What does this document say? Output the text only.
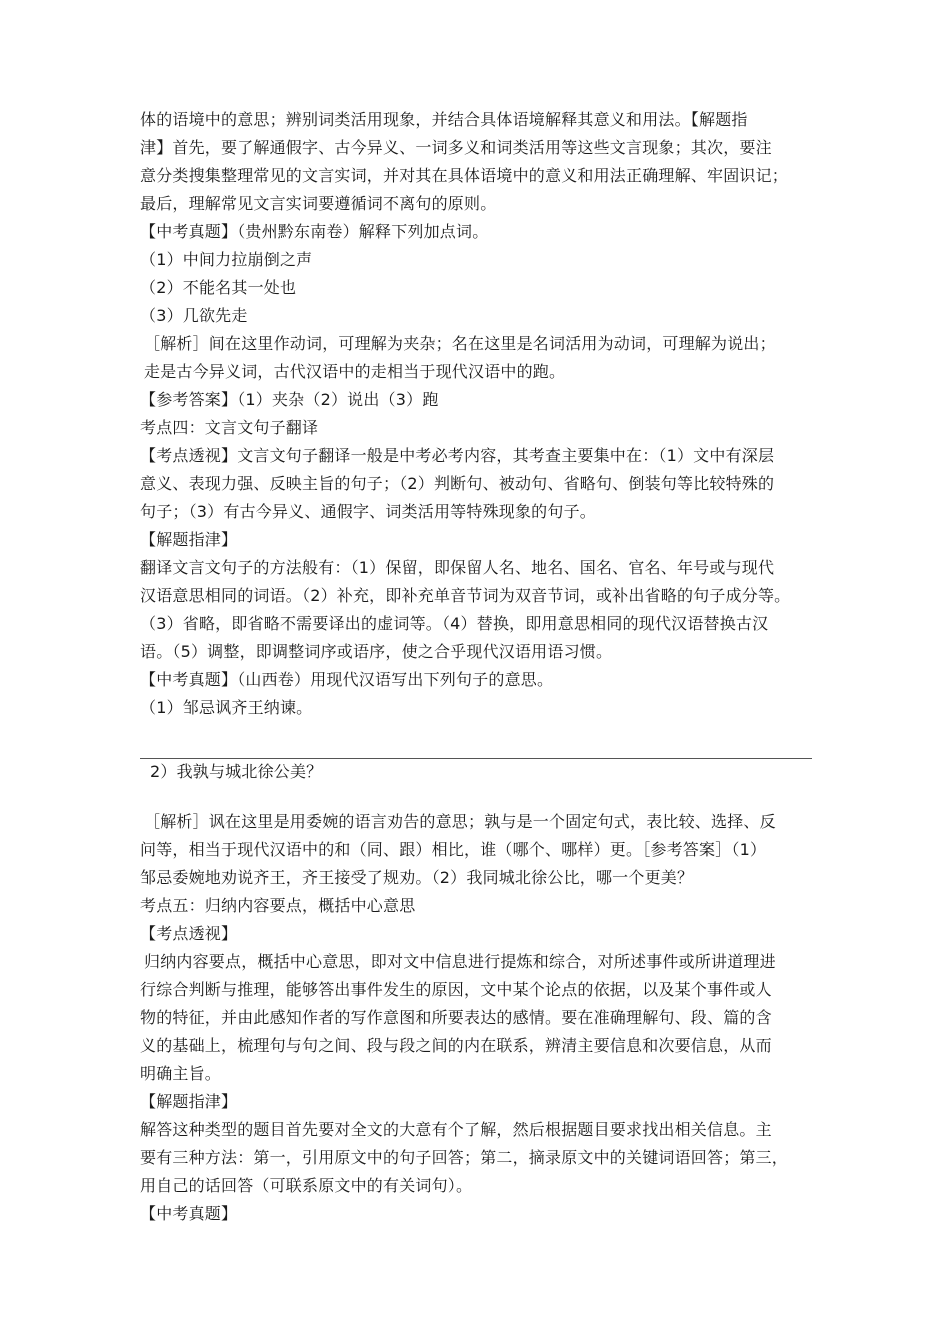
体的语境中的意思；辨别词类活用现象，并结合具体语境解释其意义和用法。【解题指
津】首先，要了解通假字、古今异义、一词多义和词类活用等这些文言现象；其次，要注
意分类搜集整理常见的文言实词，并对其在具体语境中的意义和用法正确理解、牢固识记；
最后，理解常见文言实词要遵循词不离句的原则。
【中考真题】（贵州黔东南卷）解释下列加点词。
（1）中间力拉崩倒之声
（2）不能名其一处也
（3）几欲先走
［解析］间在这里作动词，可理解为夹杂；名在这里是名词活用为动词，可理解为说出；
走是古今异义词，古代汉语中的走相当于现代汉语中的跑。
【参考答案】（1）夹杂（2）说出（3）跑
考点四：文言文句子翻译
【考点透视】文言文句子翻译一般是中考必考内容，其考查主要集中在：（1）文中有深层
意义、表现力强、反映主旨的句子；（2）判断句、被动句、省略句、倒装句等比较特殊的
句子；（3）有古今异义、通假字、词类活用等特殊现象的句子。
【解题指津】
翻译文言文句子的方法般有：（1）保留，即保留人名、地名、国名、官名、年号或与现代
汉语意思相同的词语。（2）补充，即补充单音节词为双音节词，或补出省略的句子成分等。
（3）省略，即省略不需要译出的虚词等。（4）替换，即用意思相同的现代汉语替换古汉
语。（5）调整，即调整词序或语序，使之合乎现代汉语用语习惯。
【中考真题】（山西卷）用现代汉语写出下列句子的意思。
（1）邹忌讽齐王纳谏。
2）我孰与城北徐公美？
［解析］讽在这里是用委婉的语言劝告的意思；孰与是一个固定句式，表比较、选择、反
问等，相当于现代汉语中的和（同、跟）相比，谁（哪个、哪样）更。［参考答案］（1）
邹忌委婉地劝说齐王，齐王接受了规劝。（2）我同城北徐公比，哪一个更美？
考点五：归纳内容要点，概括中心意思
【考点透视】
归纳内容要点，概括中心意思，即对文中信息进行提炼和综合，对所述事件或所讲道理进
行综合判断与推理，能够答出事件发生的原因，文中某个论点的依据，以及某个事件或人
物的特征，并由此感知作者的写作意图和所要表达的感情。要在准确理解句、段、篇的含
义的基础上，梳理句与句之间、段与段之间的内在联系，辨清主要信息和次要信息，从而
明确主旨。
【解题指津】
解答这种类型的题目首先要对全文的大意有个了解，然后根据题目要求找出相关信息。主
要有三种方法：第一，引用原文中的句子回答；第二，摘录原文中的关键词语回答；第三，
用自己的话回答（可联系原文中的有关词句）。
【中考真题】
